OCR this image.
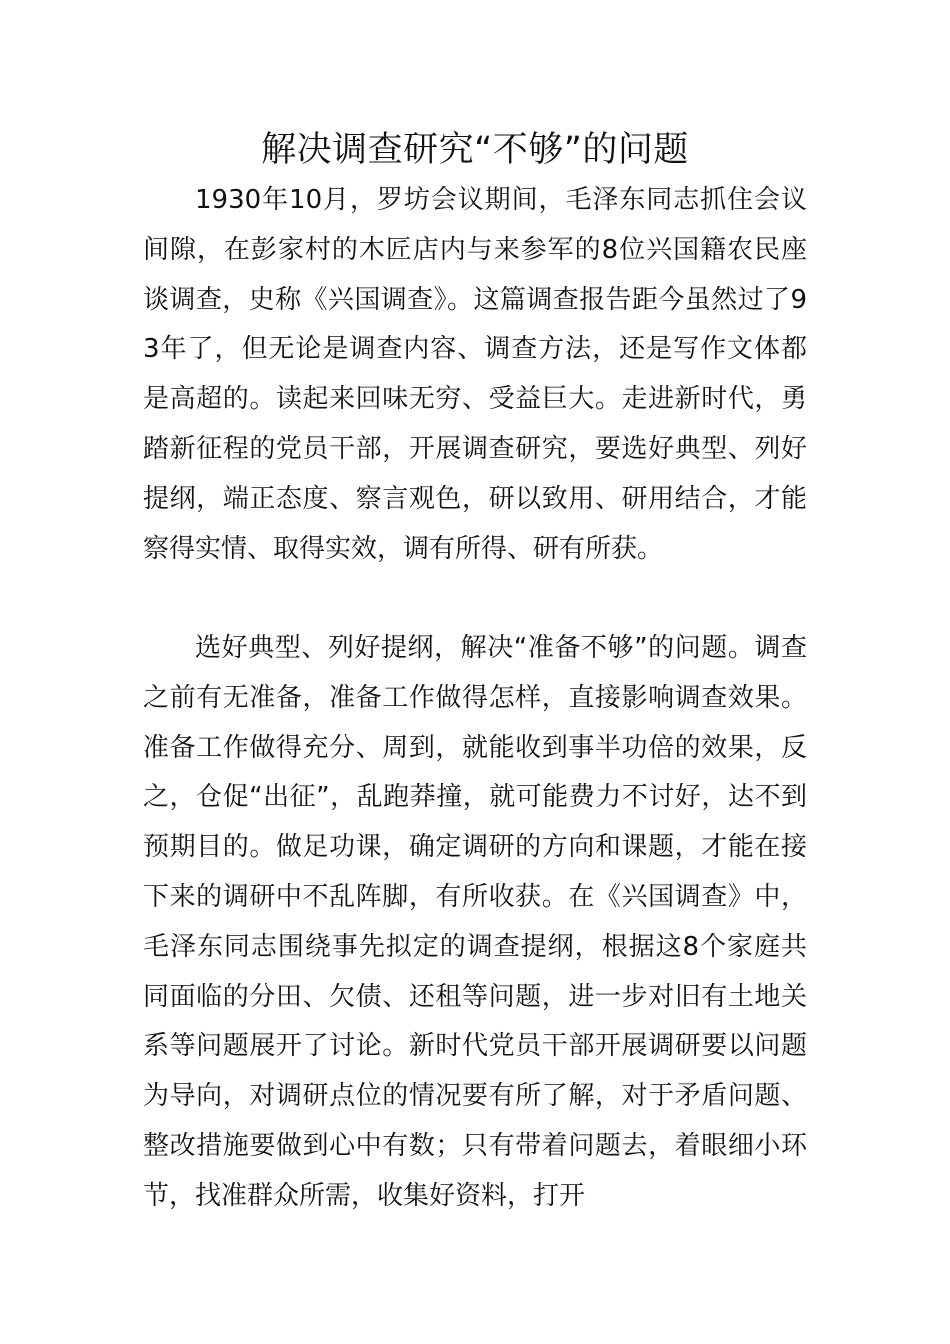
解决调查研究“不够”的问题

1930年10月，罗坊会议期间，毛泽东同志抓住会议间隙，在彭家村的木匠店内与来参军的8位兴国籍农民座谈调查，史称《兴国调查》。这篇调查报告距今虽然过了93年了，但无论是调查内容、调查方法，还是写作文体都是高超的。读起来回味无穷、受益巨大。走进新时代，勇踏新征程的党员干部，开展调查研究，要选好典型、列好提纲，端正态度、察言观色，研以致用、研用结合，才能察得实情、取得实效，调有所得、研有所获。

选好典型、列好提纲，解决“准备不够”的问题。调查之前有无准备，准备工作做得怎样，直接影响调查效果。准备工作做得充分、周到，就能收到事半功倍的效果，反之，仓促“出征”，乱跑莽撞，就可能费力不讨好，达不到预期目的。做足功课，确定调研的方向和课题，才能在接下来的调研中不乱阵脚，有所收获。在《兴国调查》中，毛泽东同志围绕事先拟定的调查提纲，根据这8个家庭共同面临的分田、欠债、还租等问题，进一步对旧有土地关系等问题展开了讨论。新时代党员干部开展调研要以问题为导向，对调研点位的情况要有所了解，对于矛盾问题、整改措施要做到心中有数；只有带着问题去，着眼细小环节，找准群众所需，收集好资料，打开
